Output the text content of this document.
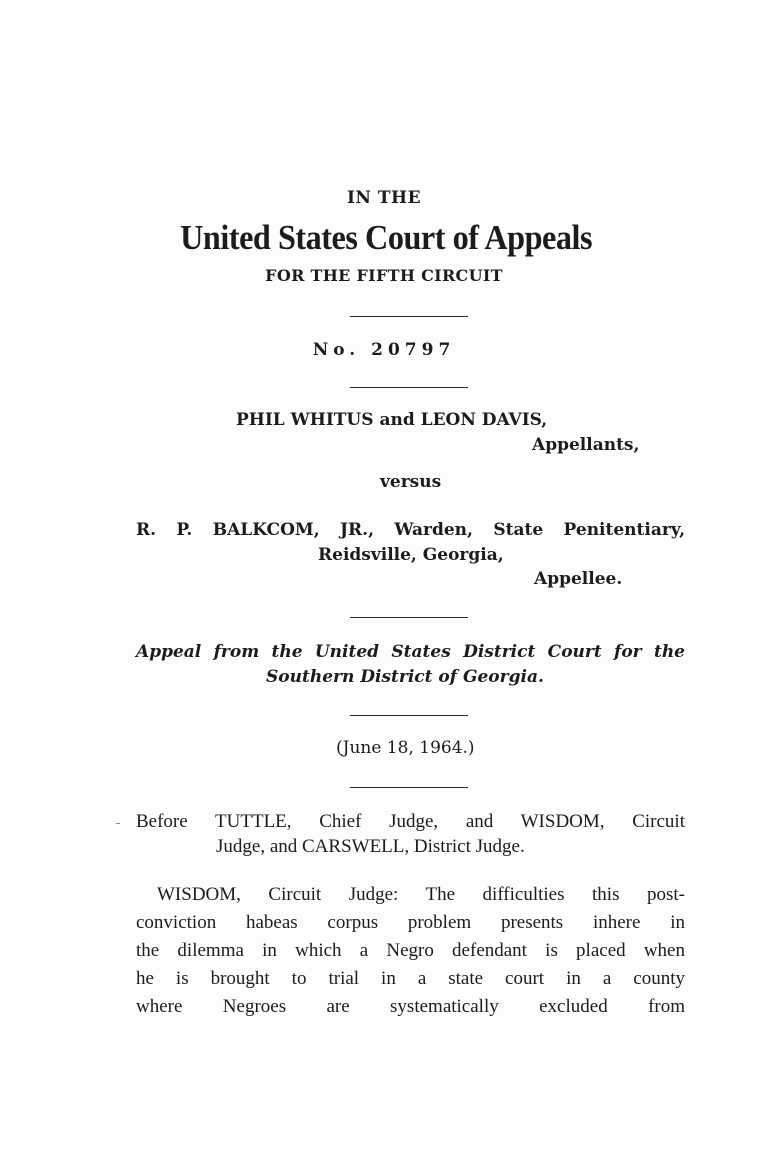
IN THE

United States Court of Appeals

FOR THE FIFTH CIRCUIT

No. 20797

PHIL WHITUS and LEON DAVIS,

Appellants,

versus

R. P. BALKCOM, JR., Warden, State Penitentiary,

Reidsville, Georgia,

Appellee.

Appeal from the United States District Court for the

Southern District of Georgia.

(June 18, 1964.)

Before TUTTLE, Chief Judge, and WISDOM, Circuit

Judge, and CARSWELL, District Judge.

WISDOM, Circuit Judge: The difficulties this post-

conviction habeas corpus problem presents inhere in

the dilemma in which a Negro defendant is placed when

he is brought to trial in a state court in a county

where Negroes are systematically excluded from
